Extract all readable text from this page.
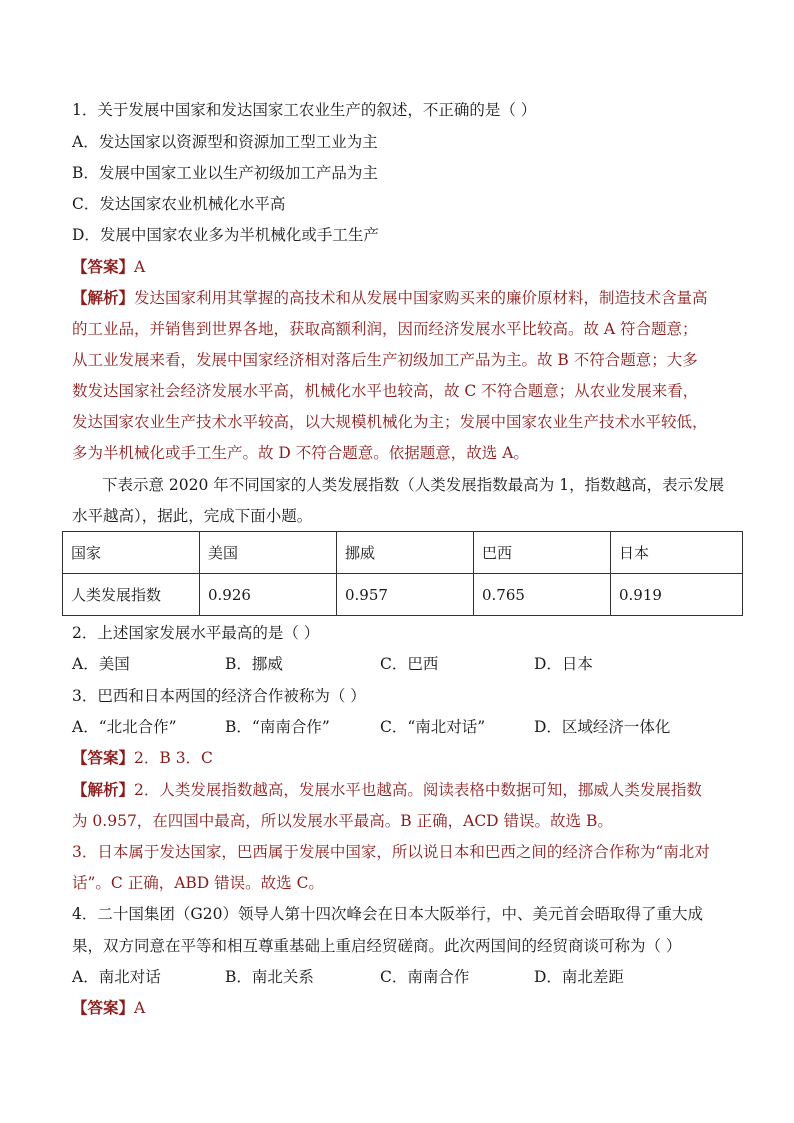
1．关于发展中国家和发达国家工农业生产的叙述，不正确的是（ ）
A．发达国家以资源型和资源加工型工业为主
B．发展中国家工业以生产初级加工产品为主
C．发达国家农业机械化水平高
D．发展中国家农业多为半机械化或手工生产
【答案】A
【解析】发达国家利用其掌握的高技术和从发展中国家购买来的廉价原材料，制造技术含量高
的工业品，并销售到世界各地，获取高额利润，因而经济发展水平比较高。故 A 符合题意；
从工业发展来看，发展中国家经济相对落后生产初级加工产品为主。故 B 不符合题意；大多
数发达国家社会经济发展水平高，机械化水平也较高，故 C 不符合题意；从农业发展来看，
发达国家农业生产技术水平较高，以大规模机械化为主；发展中国家农业生产技术水平较低，
多为半机械化或手工生产。故 D 不符合题意。依据题意，故选 A。
下表示意 2020 年不同国家的人类发展指数（人类发展指数最高为 1，指数越高，表示发展
水平越高），据此，完成下面小题。
国家	美国	挪威	巴西	日本
人类发展指数	0.926	0.957	0.765	0.919
2．上述国家发展水平最高的是（ ）
A．美国	B．挪威	C．巴西	D．日本
3．巴西和日本两国的经济合作被称为（ ）
A．“北北合作”	B．“南南合作”	C．“南北对话”	D．区域经济一体化
【答案】2．B 3．C
【解析】2．人类发展指数越高，发展水平也越高。阅读表格中数据可知，挪威人类发展指数
为 0.957，在四国中最高，所以发展水平最高。B 正确，ACD 错误。故选 B。
3．日本属于发达国家，巴西属于发展中国家，所以说日本和巴西之间的经济合作称为“南北对
话”。C 正确，ABD 错误。故选 C。
4．二十国集团（G20）领导人第十四次峰会在日本大阪举行，中、美元首会晤取得了重大成
果，双方同意在平等和相互尊重基础上重启经贸磋商。此次两国间的经贸商谈可称为（ ）
A．南北对话	B．南北关系	C．南南合作	D．南北差距
【答案】A
